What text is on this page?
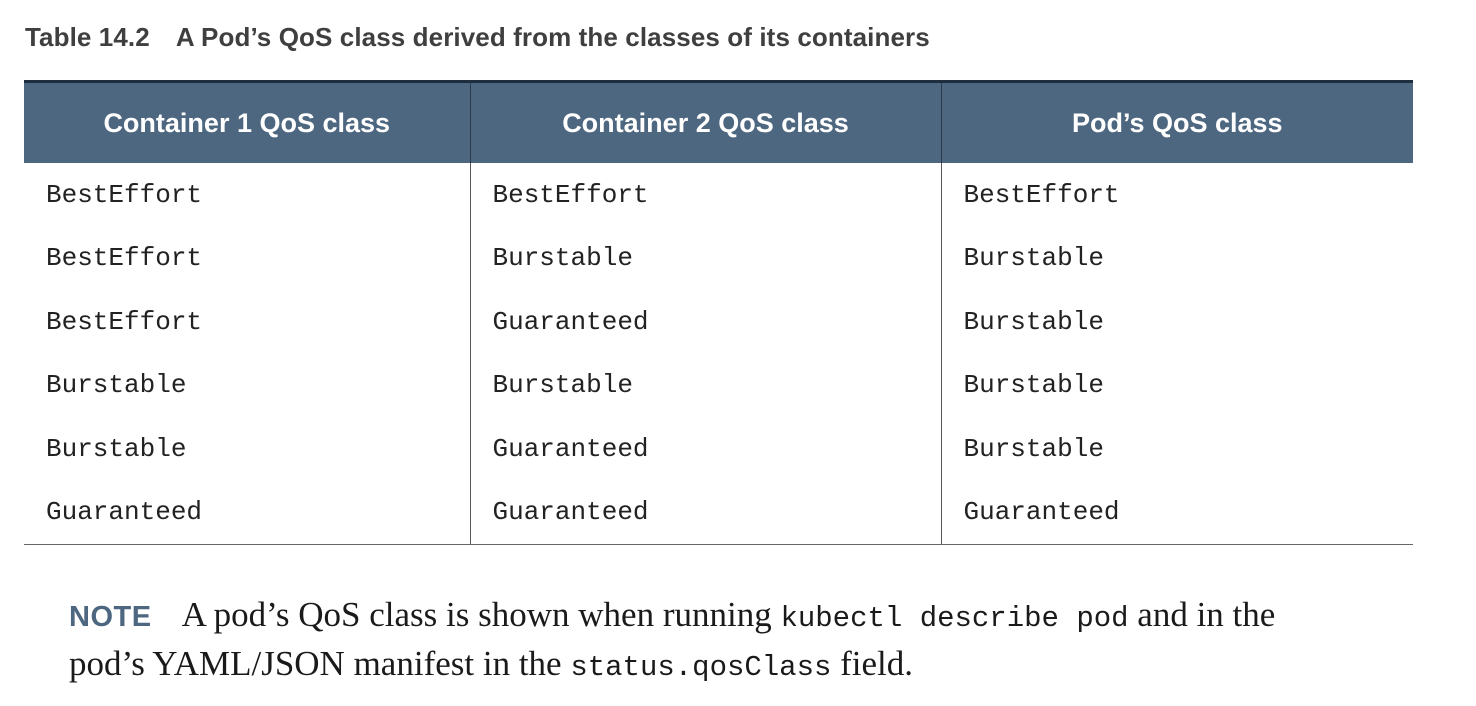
Table 14.2 A Pod’s QoS class derived from the classes of its containers
Container 1 QoS class	Container 2 QoS class	Pod’s QoS class
BestEffort	BestEffort	BestEffort
BestEffort	Burstable	Burstable
BestEffort	Guaranteed	Burstable
Burstable	Burstable	Burstable
Burstable	Guaranteed	Burstable
Guaranteed	Guaranteed	Guaranteed
NOTE A pod’s QoS class is shown when running kubectl describe pod and in the pod’s YAML/JSON manifest in the status.qosClass field.
